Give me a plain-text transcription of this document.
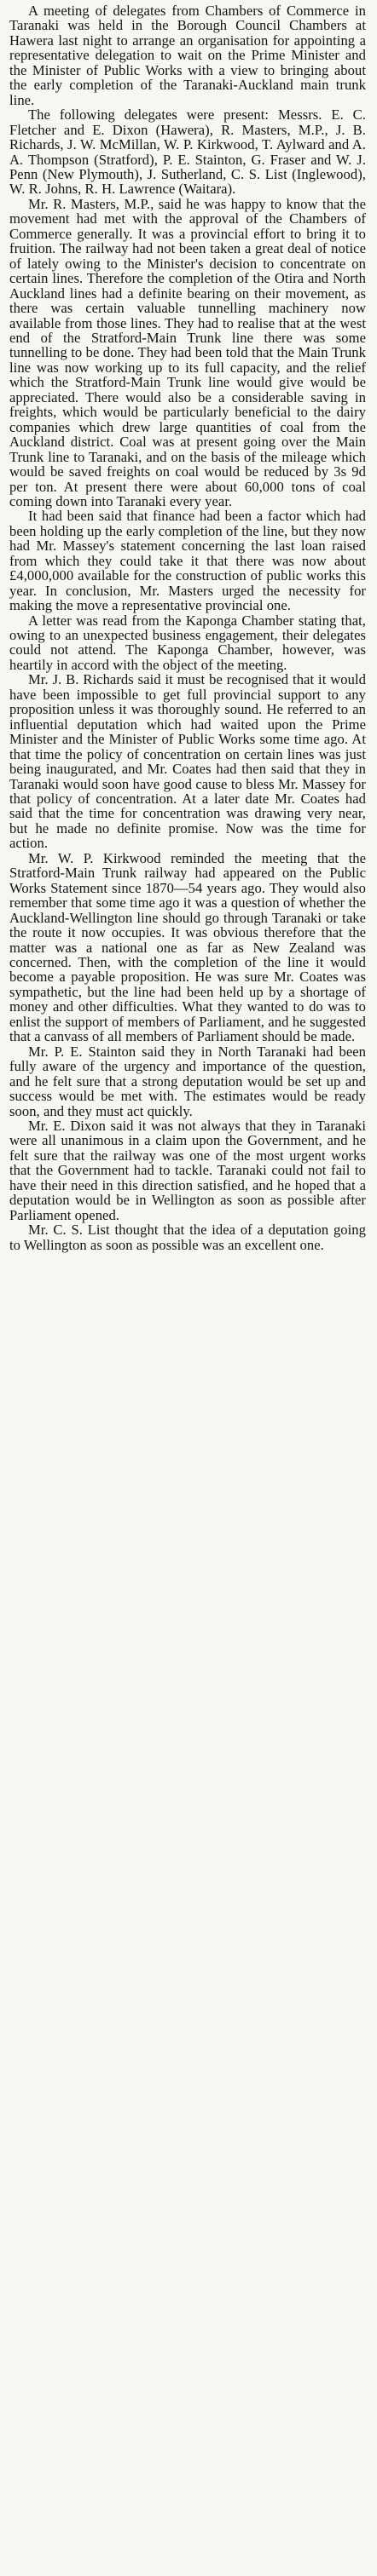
A meeting of delegates from Chambers of Commerce in Taranaki was held in the Borough Council Chambers at Hawera last night to arrange an organisation for appointing a representative delegation to wait on the Prime Minister and the Minister of Public Works with a view to bringing about the early completion of the Taranaki-Auckland main trunk line.

The following delegates were present: Messrs. E. C. Fletcher and E. Dixon (Hawera), R. Masters, M.P., J. B. Richards, J. W. McMillan, W. P. Kirkwood, T. Aylward and A. A. Thompson (Stratford), P. E. Stainton, G. Fraser and W. J. Penn (New Plymouth), J. Sutherland, C. S. List (Inglewood), W. R. Johns, R. H. Lawrence (Waitara).

Mr. R. Masters, M.P., said he was happy to know that the movement had met with the approval of the Chambers of Commerce generally. It was a provincial effort to bring it to fruition. The railway had not been taken a great deal of notice of lately owing to the Minister's decision to concentrate on certain lines. Therefore the completion of the Otira and North Auckland lines had a definite bearing on their movement, as there was certain valuable tunnelling machinery now available from those lines. They had to realise that at the west end of the Stratford-Main Trunk line there was some tunnelling to be done. They had been told that the Main Trunk line was now working up to its full capacity, and the relief which the Stratford-Main Trunk line would give would be appreciated. There would also be a considerable saving in freights, which would be particularly beneficial to the dairy companies which drew large quantities of coal from the Auckland district. Coal was at present going over the Main Trunk line to Taranaki, and on the basis of the mileage which would be saved freights on coal would be reduced by 3s 9d per ton. At present there were about 60,000 tons of coal coming down into Taranaki every year.

It had been said that finance had been a factor which had been holding up the early completion of the line, but they now had Mr. Massey's statement concerning the last loan raised from which they could take it that there was now about £4,000,000 available for the construction of public works this year. In conclusion, Mr. Masters urged the necessity for making the move a representative provincial one.

A letter was read from the Kaponga Chamber stating that, owing to an unexpected business engagement, their delegates could not attend. The Kaponga Chamber, however, was heartily in accord with the object of the meeting.

Mr. J. B. Richards said it must be recognised that it would have been impossible to get full provincial support to any proposition unless it was thoroughly sound. He referred to an influential deputation which had waited upon the Prime Minister and the Minister of Public Works some time ago. At that time the policy of concentration on certain lines was just being inaugurated, and Mr. Coates had then said that they in Taranaki would soon have good cause to bless Mr. Massey for that policy of concentration. At a later date Mr. Coates had said that the time for concentration was drawing very near, but he made no definite promise. Now was the time for action.

Mr. W. P. Kirkwood reminded the meeting that the Stratford-Main Trunk railway had appeared on the Public Works Statement since 1870—54 years ago. They would also remember that some time ago it was a question of whether the Auckland-Wellington line should go through Taranaki or take the route it now occupies. It was obvious therefore that the matter was a national one as far as New Zealand was concerned. Then, with the completion of the line it would become a payable proposition. He was sure Mr. Coates was sympathetic, but the line had been held up by a shortage of money and other difficulties. What they wanted to do was to enlist the support of members of Parliament, and he suggested that a canvass of all members of Parliament should be made.

Mr. P. E. Stainton said they in North Taranaki had been fully aware of the urgency and importance of the question, and he felt sure that a strong deputation would be set up and success would be met with. The estimates would be ready soon, and they must act quickly.

Mr. E. Dixon said it was not always that they in Taranaki were all unanimous in a claim upon the Government, and he felt sure that the railway was one of the most urgent works that the Government had to tackle. Taranaki could not fail to have their need in this direction satisfied, and he hoped that a deputation would be in Wellington as soon as possible after Parliament opened.

Mr. C. S. List thought that the idea of a deputation going to Wellington as soon as possible was an excellent one.
